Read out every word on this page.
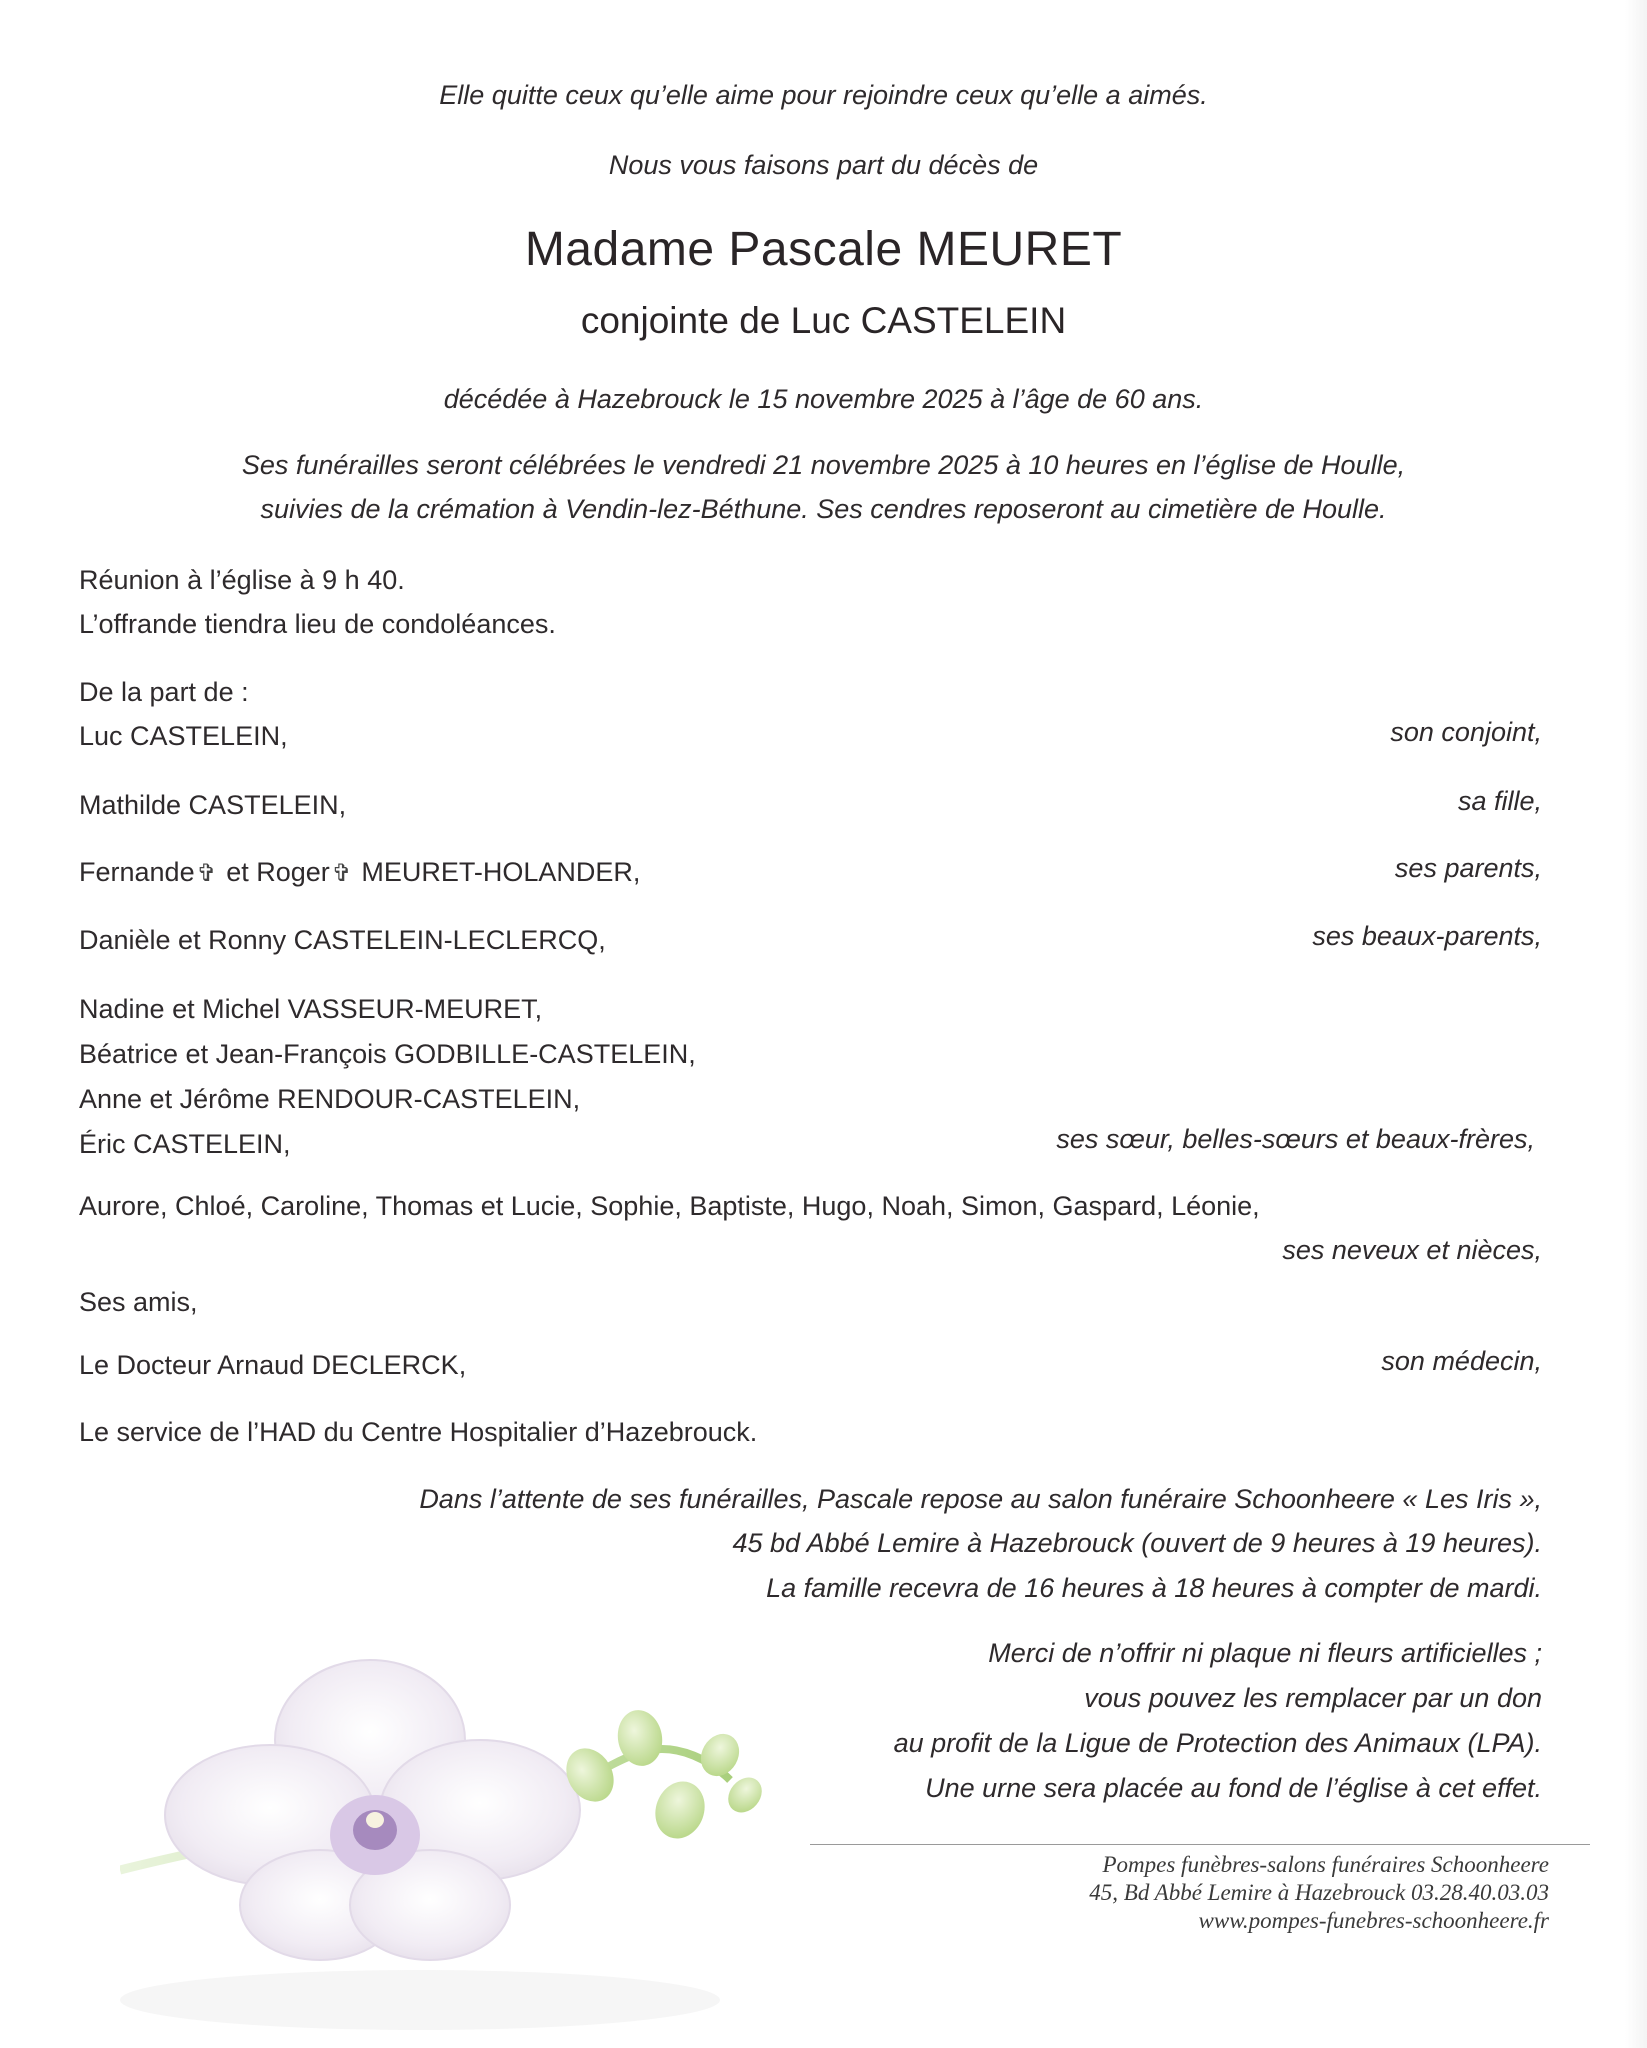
Elle quitte ceux qu’elle aime pour rejoindre ceux qu’elle a aimés.

Nous vous faisons part du décès de

Madame Pascale MEURET

conjointe de Luc CASTELEIN

décédée à Hazebrouck le 15 novembre 2025 à l’âge de 60 ans.

Ses funérailles seront célébrées le vendredi 21 novembre 2025 à 10 heures en l’église de Houlle,

suivies de la crémation à Vendin-lez-Béthune. Ses cendres reposeront au cimetière de Houlle.

Réunion à l’église à 9 h 40.

L’offrande tiendra lieu de condoléances.

De la part de :

Luc CASTELEIN,	son conjoint,

Mathilde CASTELEIN,	sa fille,

Fernande✞ et Roger✞ MEURET-HOLANDER,	ses parents,

Danièle et Ronny CASTELEIN-LECLERCQ,	ses beaux-parents,

Nadine et Michel VASSEUR-MEURET,

Béatrice et Jean-François GODBILLE-CASTELEIN,

Anne et Jérôme RENDOUR-CASTELEIN,

Éric CASTELEIN,	ses sœur, belles-sœurs et beaux-frères,

Aurore, Chloé, Caroline, Thomas et Lucie, Sophie, Baptiste, Hugo, Noah, Simon, Gaspard, Léonie,

ses neveux et nièces,

Ses amis,

Le Docteur Arnaud DECLERCK,	son médecin,

Le service de l’HAD du Centre Hospitalier d’Hazebrouck.

Dans l’attente de ses funérailles, Pascale repose au salon funéraire Schoonheere « Les Iris »,

45 bd Abbé Lemire à Hazebrouck (ouvert de 9 heures à 19 heures).

La famille recevra de 16 heures à 18 heures à compter de mardi.

Merci de n’offrir ni plaque ni fleurs artificielles ;

vous pouvez les remplacer par un don

au profit de la Ligue de Protection des Animaux (LPA).

Une urne sera placée au fond de l’église à cet effet.

Pompes funèbres-salons funéraires Schoonheere
45, Bd Abbé Lemire à Hazebrouck 03.28.40.03.03
www.pompes-funebres-schoonheere.fr
